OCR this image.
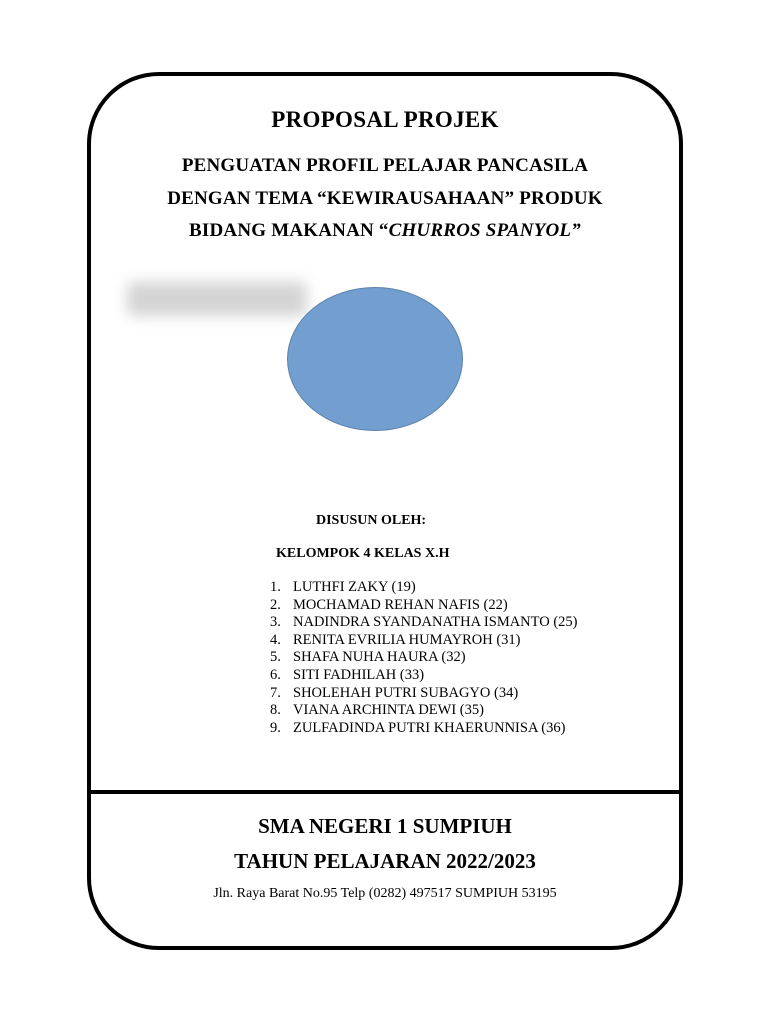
PROPOSAL PROJEK
PENGUATAN PROFIL PELAJAR PANCASILA
DENGAN TEMA “KEWIRAUSAHAAN” PRODUK
BIDANG MAKANAN “CHURROS SPANYOL”
DISUSUN OLEH:
KELOMPOK 4 KELAS X.H
1. LUTHFI ZAKY (19)
2. MOCHAMAD REHAN NAFIS (22)
3. NADINDRA SYANDANATHA ISMANTO (25)
4. RENITA EVRILIA HUMAYROH (31)
5. SHAFA NUHA HAURA (32)
6. SITI FADHILAH (33)
7. SHOLEHAH PUTRI SUBAGYO (34)
8. VIANA ARCHINTA DEWI (35)
9. ZULFADINDA PUTRI KHAERUNNISA (36)
SMA NEGERI 1 SUMPIUH
TAHUN PELAJARAN 2022/2023
Jln. Raya Barat No.95 Telp (0282) 497517 SUMPIUH 53195
